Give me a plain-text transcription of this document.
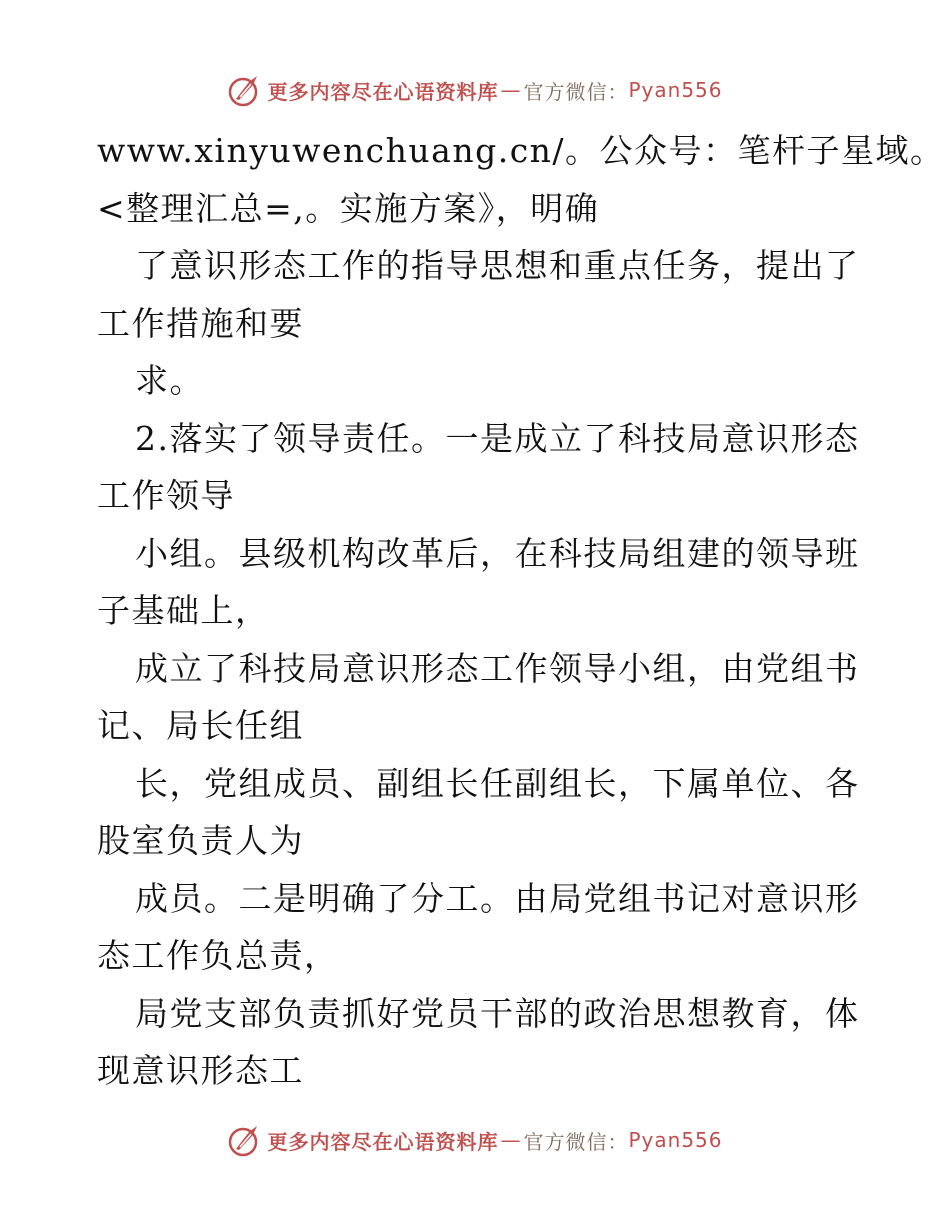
更多内容尽在心语资料库 — 官方微信： Pyan556
www.xinyuwenchuang.cn/。公众号：笔杆子星域。
<整理汇总=,。实施方案》，明确
了意识形态工作的指导思想和重点任务，提出了
工作措施和要
求。
2.落实了领导责任。一是成立了科技局意识形态
工作领导
小组。县级机构改革后，在科技局组建的领导班
子基础上，
成立了科技局意识形态工作领导小组，由党组书
记、局长任组
长，党组成员、副组长任副组长，下属单位、各
股室负责人为
成员。二是明确了分工。由局党组书记对意识形
态工作负总责，
局党支部负责抓好党员干部的政治思想教育，体
现意识形态工
更多内容尽在心语资料库 — 官方微信： Pyan556
